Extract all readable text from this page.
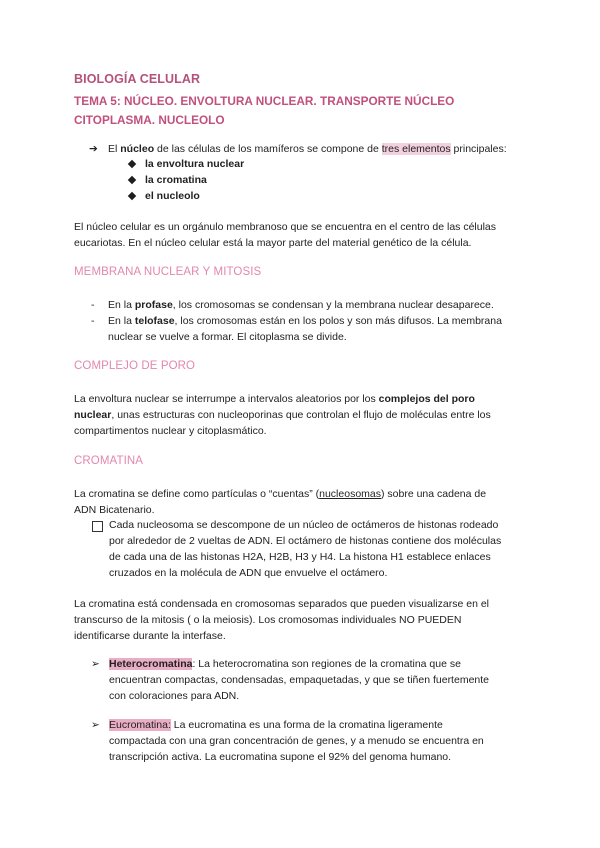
BIOLOGÍA CELULAR
TEMA 5: NÚCLEO. ENVOLTURA NUCLEAR. TRANSPORTE NÚCLEO
CITOPLASMA. NUCLEOLO
➔ El núcleo de las células de los mamíferos se compone de tres elementos principales:
la envoltura nuclear
la cromatina
el nucleolo
El núcleo celular es un orgánulo membranoso que se encuentra en el centro de las células
eucariotas. En el núcleo celular está la mayor parte del material genético de la célula.
MEMBRANA NUCLEAR Y MITOSIS
- En la profase, los cromosomas se condensan y la membrana nuclear desaparece.
- En la telofase, los cromosomas están en los polos y son más difusos. La membrana
nuclear se vuelve a formar. El citoplasma se divide.
COMPLEJO DE PORO
La envoltura nuclear se interrumpe a intervalos aleatorios por los complejos del poro
nuclear, unas estructuras con nucleoporinas que controlan el flujo de moléculas entre los
compartimentos nuclear y citoplasmático.
CROMATINA
La cromatina se define como partículas o “cuentas” (nucleosomas) sobre una cadena de
ADN Bicatenario.
Cada nucleosoma se descompone de un núcleo de octámeros de histonas rodeado
por alrededor de 2 vueltas de ADN. El octámero de histonas contiene dos moléculas
de cada una de las histonas H2A, H2B, H3 y H4. La histona H1 establece enlaces
cruzados en la molécula de ADN que envuelve el octámero.
La cromatina está condensada en cromosomas separados que pueden visualizarse en el
transcurso de la mitosis ( o la meiosis). Los cromosomas individuales NO PUEDEN
identificarse durante la interfase.
➢ Heterocromatina: La heterocromatina son regiones de la cromatina que se
encuentran compactas, condensadas, empaquetadas, y que se tiñen fuertemente
con coloraciones para ADN.
➢ Eucromatina: La eucromatina es una forma de la cromatina ligeramente
compactada con una gran concentración de genes, y a menudo se encuentra en
transcripción activa. La eucromatina supone el 92% del genoma humano.
